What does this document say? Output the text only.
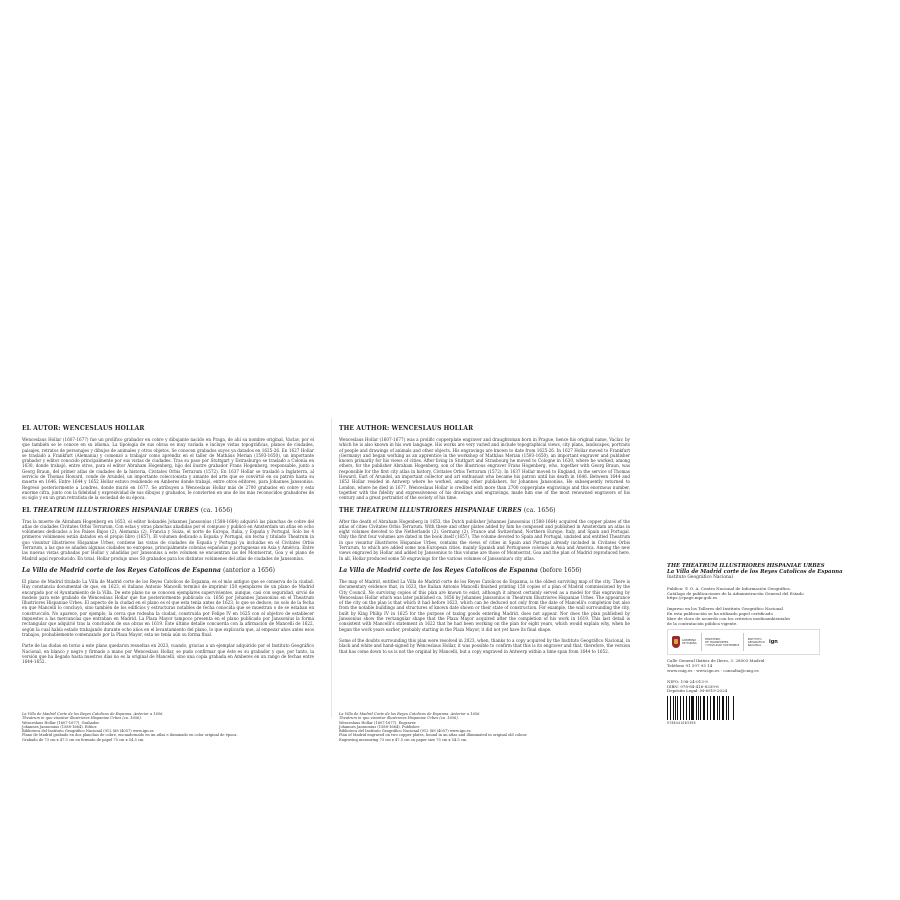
EL AUTOR: WENCESLAUS HOLLAR

Wenceslaus Hollar (1607-1677) fue un prolífico grabador en cobre y dibujante nacido en Praga, de ahí su nombre original, Vaclav, por el que también se le conoce en su idioma. La tipología de sus obras es muy variada e incluye vistas topográficas, planos de ciudades, paisajes, retratos de personajes y dibujos de animales y otros objetos. Se conocen grabados suyos ya datados en 1625-26. En 1627 Hollar se trasladó a Frankfurt (Alemania) y comenzó a trabajar como aprendiz en el taller de Mathäus Merian (1593-1650), un importante grabador y editor conocido principalmente por sus vistas de ciudades. Tras su paso por Stuttgart y Estrasburgo se trasladó a Colonia en 1630, donde trabajó, entre otros, para el editor Abraham Hogenberg, hijo del ilustre grabador Frans Hogenberg, responsable, junto a Georg Braun, del primer atlas de ciudades de la historia, Civitates Orbis Terrarum (1572). En 1637 Hollar se trasladó a Inglaterra, al servicio de Thomas Howard, conde de Arundel, un importante coleccionista y amante del arte que se convirtió en su patrón hasta su muerte en 1646. Entre 1644 y 1652 Hollar estuvo residiendo en Amberes donde trabajó, entre otros editores, para Johannes Janssonius. Regresó posteriormente a Londres, donde murió en 1677. Se atribuyen a Wenceslaus Hollar más de 2700 grabados en cobre y esta enorme cifra, junto con la fidelidad y expresividad de sus dibujos y grabados, le convierten en uno de los más reconocidos grabadores de su siglo y en un gran retratista de la sociedad de su época.

EL THEATRUM ILLUSTRIORES HISPANIAE URBES (ca. 1656)

Tras la muerte de Abraham Hogenberg en 1653, el editor holandés Johannes Janssonius (1588-1664) adquirió las planchas de cobre del atlas de ciudades Civitates Orbis Terrarum. Con estas y otras planchas añadidas por el compuso y publicó en Amsterdam un atlas en ocho volúmenes dedicados a los Países Bajos (2), Alemania (2), Francia y Suiza, el norte de Europa, Italia, y España y Portugal. Solo los 4 primeros volúmenes están datados en el propio libro (1657). El volumen dedicado a España y Portugal, sin fecha y titulado Theatrum in quo visuntur illustriores Hispaniae Urbes, contiene las vistas de ciudades de España y Portugal ya incluidas en el Civitates Orbis Terrarum, a las que se añaden algunas ciudades no europeas, principalmente colonias españolas y portuguesas en Asia y América. Entre las nuevas vistas grabadas por Hollar y añadidas por Janssonius a este volumen se encuentran las del Montserrat, Goa y el plano de Madrid aquí reproducido. En total, Hollar produjo unos 50 grabados para los distintos volúmenes del atlas de ciudades de Janssonius.

La Villa de Madrid corte de los Reyes Catolicos de Espanna (anterior a 1656)

El plano de Madrid titulado La Villa de Madrid corte de los Reyes Catolicos de Espanna, es el más antiguo que se conserva de la ciudad. Hay constancia documental de que, en 1623, el italiano Antonio Mancelli terminó de imprimir 150 ejemplares de un plano de Madrid encargado por el Ayuntamiento de la Villa. De este plano no se conocen ejemplares supervivientes, aunque, casi con seguridad, sirvió de modelo para este grabado de Wenceslaus Hollar que fue posteriormente publicado ca. 1656 por Johannes Janssonius en el Theatrum Illustriores Hispaniae Urbes. El aspecto de la ciudad en el plano es el que esta tenía antes de 1623, lo que se deduce, no solo de la fecha en que Mancelli lo concluyó, sino también de los edificios y estructuras notables de fecha conocida que se muestran o de se estaban en construcción. No aparece, por ejemplo, la cerca que rodeaba la ciudad, construida por Felipe IV en 1625 con el objetivo de establecer impuestos a las mercancías que entraban en Madrid. La Plaza Mayor tampoco presenta en el plano publicado por Janssonius la forma rectangular que adquirió tras la conclusión de sus obras en 1619. Este último detalle concuerda con la afirmación de Mancelli de 1622, según la cual había estado trabajando durante ocho años en el levantamiento del plano, lo que explicaría que, al empezar años antes esos trabajos, probablemente comenzando por la Plaza Mayor, esta no tenía aún su forma final.

Parte de las dudas en torno a este plano quedaron resueltas en 2023, cuando, gracias a un ejemplar adquirido por el Instituto Geográfico Nacional, en blanco y negro y firmado a mano por Wenceslaus Hollar, se pudo confirmar que éste es su grabador y que, por tanto, la versión que ha llegado hasta nuestros días no es la original de Mancelli, sino una copia grabada en Amberes en un rango de fechas entre 1644-1652.

THE AUTHOR: WENCESLAUS HOLLAR

Wenceslaus Hollar (1607-1677) was a prolific copperplate engraver and draughtsman born in Prague, hence his original name, Vaclav, by which he is also known in his own language. His works are very varied and include topographical views, city plans, landscapes, portraits of people and drawings of animals and other objects. His engravings are known to date from 1625-26. In 1627 Hollar moved to Frankfurt (Germany) and began working as an apprentice in the workshop of Mathäus Merian (1593-1650), an important engraver and publisher known primarily for his views of cities. After living in Stuttgart and Strasbourg he moved to Cologne in 1630, where he worked, among others, for the publisher Abraham Hogenberg, son of the illustrious engraver Frans Hogenberg, who, together with Georg Braun, was responsible for the first city atlas in history, Civitates Orbis Terrarum (1572). In 1637 Hollar moved to England, in the service of Thomas Howard, Earl of Arundel, an important collector and art enthusiast who became his patron until his death in 1646. Between 1644 and 1652 Hollar resided in Antwerp where he worked, among other publishers, for Johannes Janssonius. He subsequently returned to London, where he died in 1677. Wenceslaus Hollar is credited with more than 2700 copperplate engravings and this enormous number, together with the fidelity and expressiveness of his drawings and engravings, made him one of the most renowned engravers of his century and a great portraitist of the society of his time.

THE THEATRUM ILLUSTRIORES HISPANIAE URBES (ca. 1656)

After the death of Abraham Hogenberg in 1653, the Dutch publisher Johannes Janssonius (1588-1664) acquired the copper plates of the atlas of cities Civitates Orbis Terrarum. With these and other plates added by him he composed and published in Amsterdam an atlas in eight volumes devoted to the Netherlands (2), Germany (2), France and Switzerland, Northern Europe, Italy, and Spain and Portugal. Only the first four volumes are dated in the book itself (1657). The volume devoted to Spain and Portugal, undated and entitled Theatrum in quo visuntur illustriores Hispaniae Urbes, contains the views of cities in Spain and Portugal already included in Civitates Orbis Terrarum, to which are added some non-European cities, mainly Spanish and Portuguese colonies in Asia and America. Among the new views engraved by Hollar and added by Janssonius to this volume are those of Montserrat, Goa and the plan of Madrid reproduced here. In all, Hollar produced some 50 engravings for the various volumes of Janssonius's city atlas.

La Villa de Madrid corte de los Reyes Catolicos de Espanna (before 1656)

The map of Madrid, entitled La Villa de Madrid corte de los Reyes Catolicos de Espanna, is the oldest surviving map of the city. There is documentary evidence that, in 1623, the Italian Antonio Mancelli finished printing 150 copies of a plan of Madrid commissioned by the City Council. No surviving copies of this plan are known to exist, although it almost certainly served as a model for this engraving by Wenceslaus Hollar which was later published ca. 1656 by Johannes Janssonius in Theatrum Illustriores Hispaniae Urbes. The appearance of the city on the plan is that which it had before 1623, which can be deduced not only from the date of Mancelli's completion but also from the notable buildings and structures of known date shown or their state of construction. For example, the wall surrounding the city, built by King Philip IV in 1625 for the purpose of taxing goods entering Madrid, does not appear. Nor does the plan published by Janssonius show the rectangular shape that the Plaza Mayor acquired after the completion of his work in 1619. This last detail is consistent with Mancelli's statement in 1622 that he had been working on the plan for eight years, which would explain why, when he began the work years earlier, probably starting in the Plaza Mayor, it did not yet have its final shape.

Some of the doubts surrounding this plan were resolved in 2023, when, thanks to a copy acquired by the Instituto Geográfico Nacional, in black and white and hand-signed by Wenceslaus Hollar, it was possible to confirm that this is its engraver and that, therefore, the version that has come down to us is not the original by Mancelli, but a copy engraved in Antwerp within a time span from 1644 to 1652.

La Villa de Madrid Corte de los Reyes Catolicos de Espanna. Anterior a 1656.
Theatrum in quo visuntur illustriores Hispaniae Urbes (ca. 1656).
Wenceslaus Hollar (1607-1677). Grabador.
Johannes Janssonius (1588-1664). Editor.
Biblioteca del Instituto Geográfico Nacional (912 (88 (4057) www.ign.es
Plano de Madrid grabado en dos planchas de cobre, encuadernado en un atlas e iluminado en color original de época.
Grabado de 73 cm x 47.5 cm en formato de papel 75 cm x 54.5 cm.
La Villa de Madrid Corte de los Reyes Catolicos de Espanna. Anterior a 1656.
Theatrum in quo visuntur illustriores Hispaniae Urbes (ca. 1656).
Wenceslaus Hollar (1607-1677). Engraver.
Johannes Janssonius (1588-1664). Publisher.
Biblioteca del Instituto Geográfico Nacional (912 (88 (4057) www.ign.es
Plan of Madrid engraved on two copper plates, bound in an atlas and illuminated in original old colour.
Engraving measuring 73 cm x 47.5 cm on paper size 75 cm x 54.5 cm.
THE THEATRUM ILLUSTRIORES HISPANIAE URBES
La Villa de Madrid corte de los Reyes Catolicos de Espanna
Instituto Geográfico Nacional
Publica: © O. A. Centro Nacional de Información Geográfica.
Catálogo de publicaciones de la Administración General del Estado
https://cpage.mpr.gob.es
Impreso en los Talleres del Instituto Geográfico Nacional
En esta publicación se ha utilizado papel certificado
libre de cloro de acuerdo con los criterios medioambientales
de la contratación pública vigente.
GOBIERNO
DE ESPAÑA
MINISTERIO
DE TRANSPORTES
Y MOVILIDAD SOSTENIBLE
INSTITUTO
GEOGRÁFICO
NACIONAL
ign
Calle General Ibáñez de Ibero, 3. 28003 Madrid
Teléfono 91 597 95 14
www.cnig.es · www.ign.es · consulta@cnig.es
NIPO: 198-24-013-9
ISBN: 978-84-416-8339-6
Depósito Legal: M-6919-2024
9788441683396
